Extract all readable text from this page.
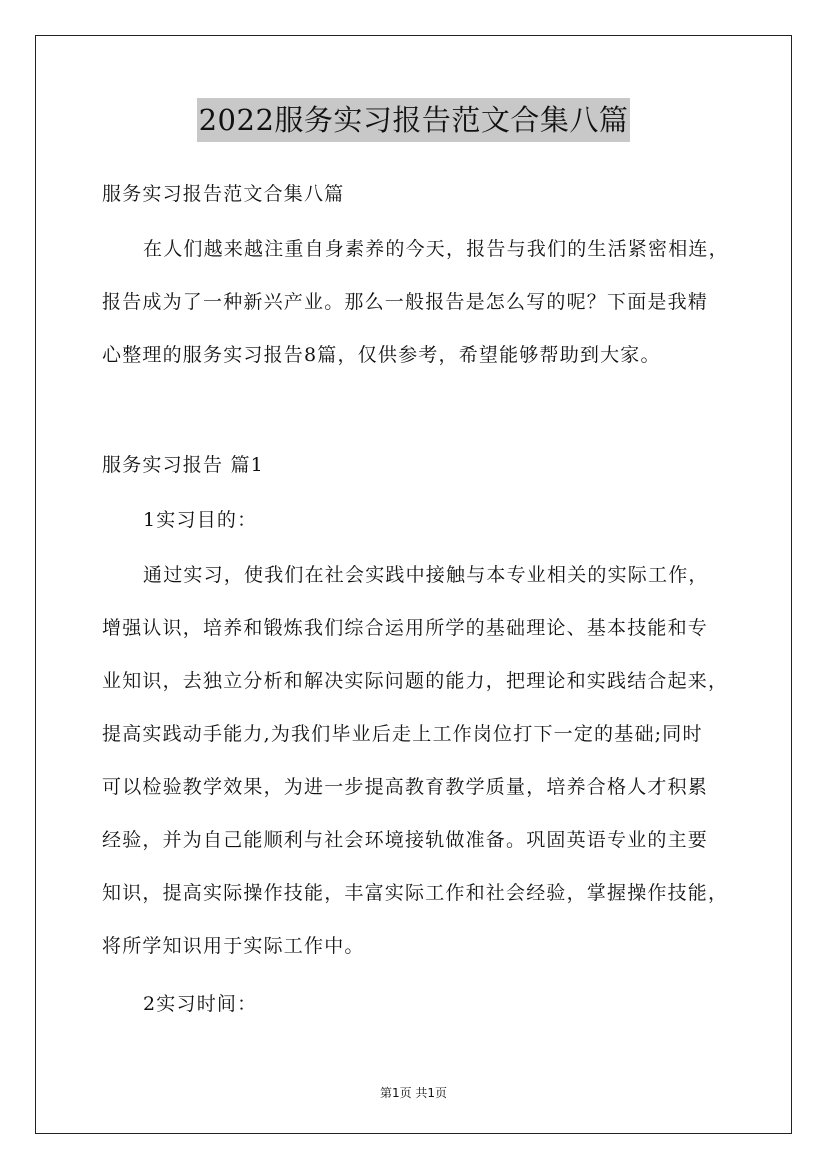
2022服务实习报告范文合集八篇
服务实习报告范文合集八篇
在人们越来越注重自身素养的今天，报告与我们的生活紧密相连，
报告成为了一种新兴产业。那么一般报告是怎么写的呢？下面是我精
心整理的服务实习报告8篇，仅供参考，希望能够帮助到大家。
服务实习报告 篇1
1实习目的：
通过实习，使我们在社会实践中接触与本专业相关的实际工作，
增强认识，培养和锻炼我们综合运用所学的基础理论、基本技能和专
业知识，去独立分析和解决实际问题的能力，把理论和实践结合起来，
提高实践动手能力,为我们毕业后走上工作岗位打下一定的基础;同时
可以检验教学效果，为进一步提高教育教学质量，培养合格人才积累
经验，并为自己能顺利与社会环境接轨做准备。巩固英语专业的主要
知识，提高实际操作技能，丰富实际工作和社会经验，掌握操作技能，
将所学知识用于实际工作中。
2实习时间：
第1页 共1页
